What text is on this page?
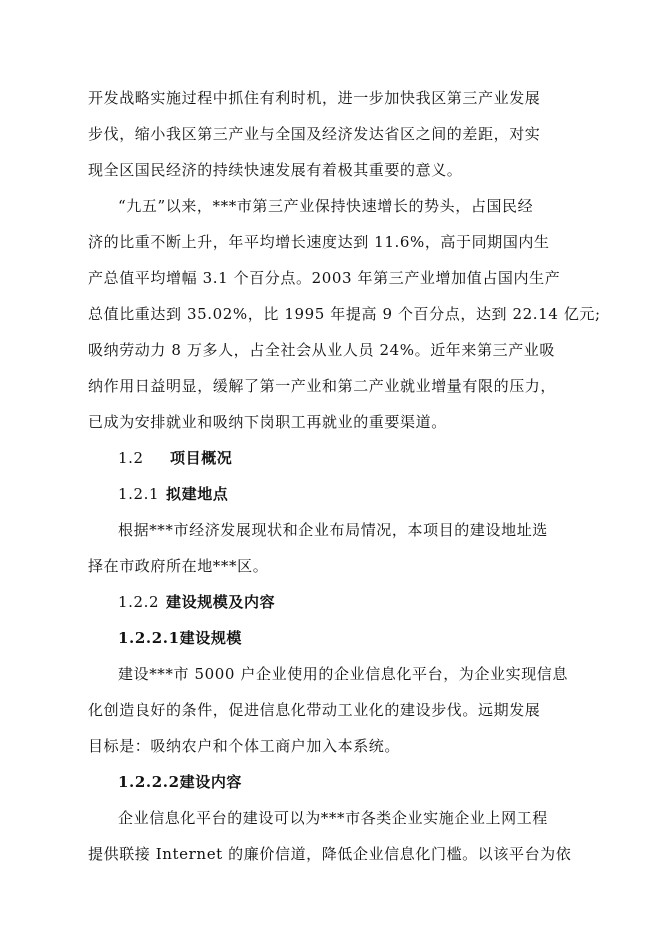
开发战略实施过程中抓住有利时机，进一步加快我区第三产业发展
步伐，缩小我区第三产业与全国及经济发达省区之间的差距，对实
现全区国民经济的持续快速发展有着极其重要的意义。
“九五”以来，***市第三产业保持快速增长的势头，占国民经
济的比重不断上升，年平均增长速度达到 11.6%，高于同期国内生
产总值平均增幅 3.1 个百分点。2003 年第三产业增加值占国内生产
总值比重达到 35.02%，比 1995 年提高 9 个百分点，达到 22.14 亿元;
吸纳劳动力 8 万多人，占全社会从业人员 24%。近年来第三产业吸
纳作用日益明显，缓解了第一产业和第二产业就业增量有限的压力，
已成为安排就业和吸纳下岗职工再就业的重要渠道。
1.2 项目概况
1.2.1 拟建地点
根据***市经济发展现状和企业布局情况，本项目的建设地址选
择在市政府所在地***区。
1.2.2 建设规模及内容
1.2.2.1建设规模
建设***市 5000 户企业使用的企业信息化平台，为企业实现信息
化创造良好的条件，促进信息化带动工业化的建设步伐。远期发展
目标是：吸纳农户和个体工商户加入本系统。
1.2.2.2建设内容
企业信息化平台的建设可以为***市各类企业实施企业上网工程
提供联接 Internet 的廉价信道，降低企业信息化门槛。以该平台为依
